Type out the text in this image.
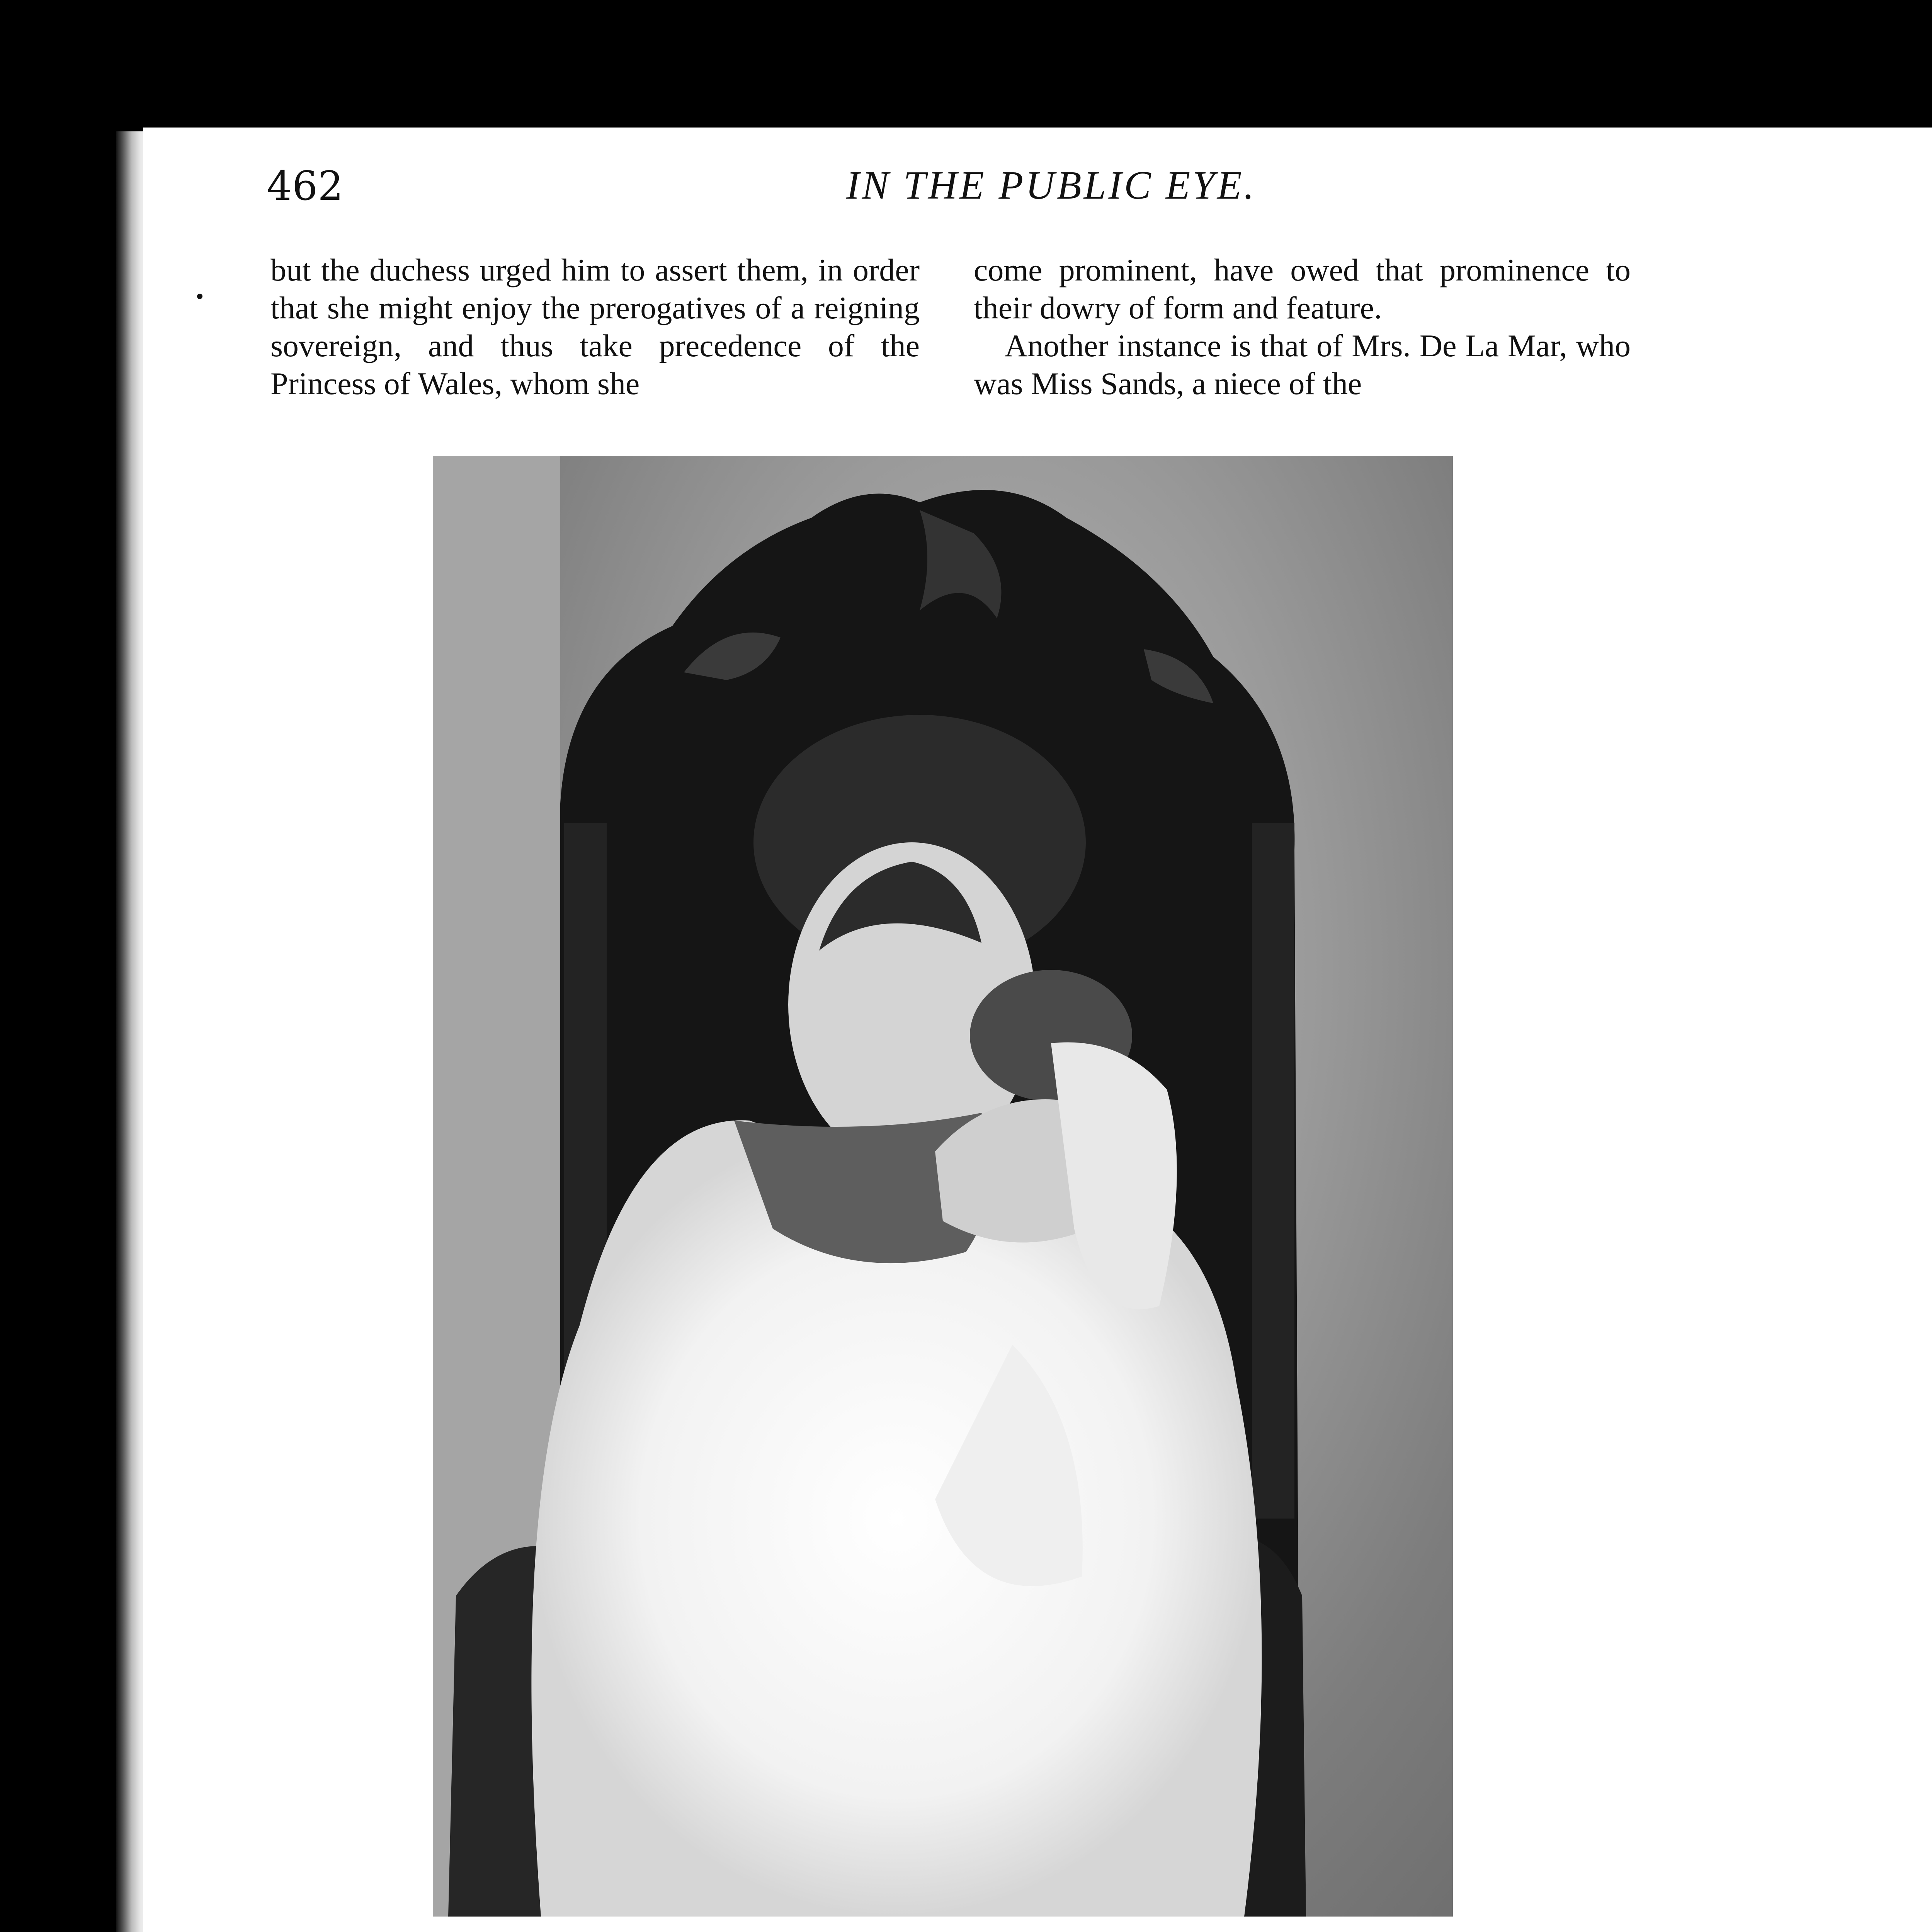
462	IN THE PUBLIC EYE.

but the duchess urged him to assert them, in order that she might enjoy the prerogatives of a reigning sovereign, and thus take precedence of the Princess of Wales, whom she

come prominent, have owed that prominence to their dowry of form and feature.

Another instance is that of Mrs. De La Mar, who was Miss Sands, a niece of the
